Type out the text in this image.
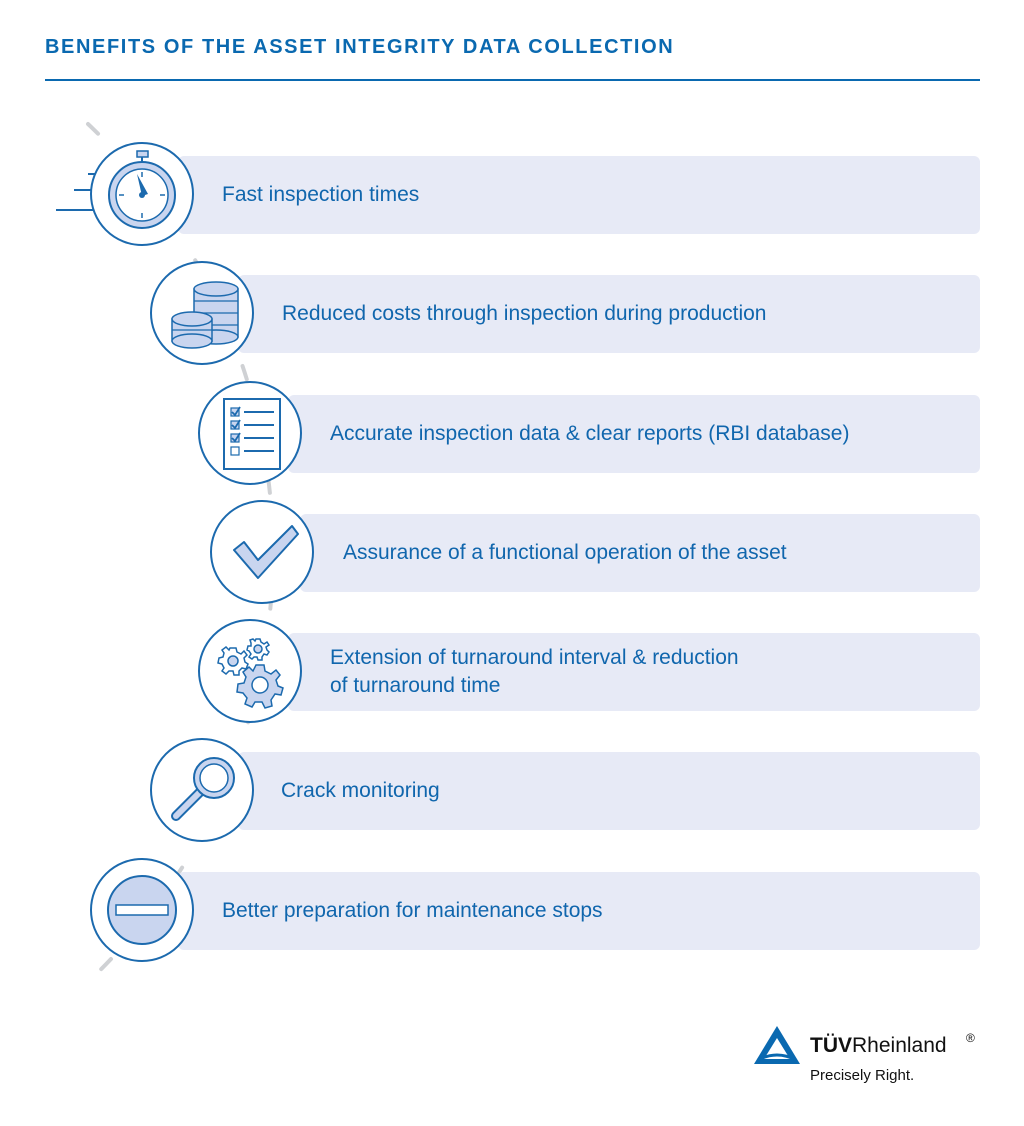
BENEFITS OF THE ASSET INTEGRITY DATA COLLECTION
Fast inspection times
Reduced costs through inspection during production
Accurate inspection data & clear reports (RBI database)
Assurance of a functional operation of the asset
Extension of turnaround interval & reduction
of turnaround time
Crack monitoring
Better preparation for maintenance stops
TÜVRheinland ®
Precisely Right.
